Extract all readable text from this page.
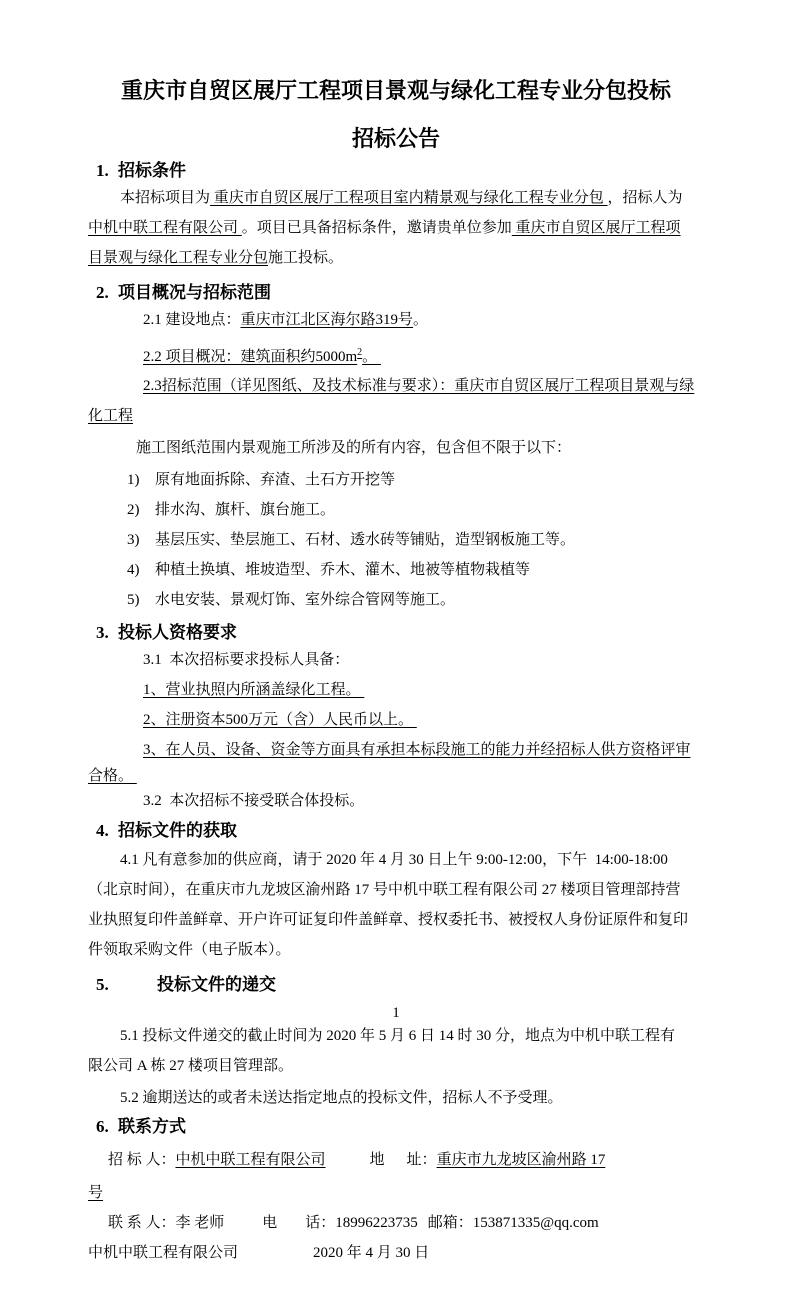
重庆市自贸区展厅工程项目景观与绿化工程专业分包投标
招标公告
1. 招标条件
本招标项目为 重庆市自贸区展厅工程项目室内精景观与绿化工程专业分包 ，招标人为
中机中联工程有限公司 。项目已具备招标条件，邀请贵单位参加 重庆市自贸区展厅工程项
目景观与绿化工程专业分包施工投标。
2. 项目概况与招标范围
2.1 建设地点：重庆市江北区海尔路319号。
2.2 项目概况：建筑面积约$5000m^2$。
2.3招标范围（详见图纸、及技术标准与要求）：重庆市自贸区展厅工程项目景观与绿
化工程
施工图纸范围内景观施工所涉及的所有内容，包含但不限于以下：
1) 原有地面拆除、弃渣、土石方开挖等
2) 排水沟、旗杆、旗台施工。
3) 基层压实、垫层施工、石材、透水砖等铺贴，造型钢板施工等。
4) 种植土换填、堆坡造型、乔木、灌木、地被等植物栽植等
5) 水电安装、景观灯饰、室外综合管网等施工。
3. 投标人资格要求
3.1  本次招标要求投标人具备：
1、营业执照内所涵盖绿化工程。
2、注册资本500万元（含）人民币以上。
3、在人员、设备、资金等方面具有承担本标段施工的能力并经招标人供方资格评审
合格。
3.2  本次招标不接受联合体投标。
4. 招标文件的获取
4.1 凡有意参加的供应商，请于 2020 年 4 月 30 日上午 9:00-12:00，下午  14:00-18:00
（北京时间），在重庆市九龙坡区渝州路 17 号中机中联工程有限公司 27 楼项目管理部持营
业执照复印件盖鲜章、开户许可证复印件盖鲜章、授权委托书、被授权人身份证原件和复印
件领取采购文件（电子版本）。
5.	投标文件的递交
1
5.1 投标文件递交的截止时间为 2020 年 5 月 6 日 14 时 30 分，地点为中机中联工程有
限公司 A 栋 27 楼项目管理部。
5.2 逾期送达的或者未送达指定地点的投标文件，招标人不予受理。
6. 联系方式
招 标 人：中机中联工程有限公司	地 址：重庆市九龙坡区渝州路 17
号
联 系 人：李 老师	电 话：18996223735 邮箱：153871335@qq.com
中机中联工程有限公司	2020 年 4 月 30 日
